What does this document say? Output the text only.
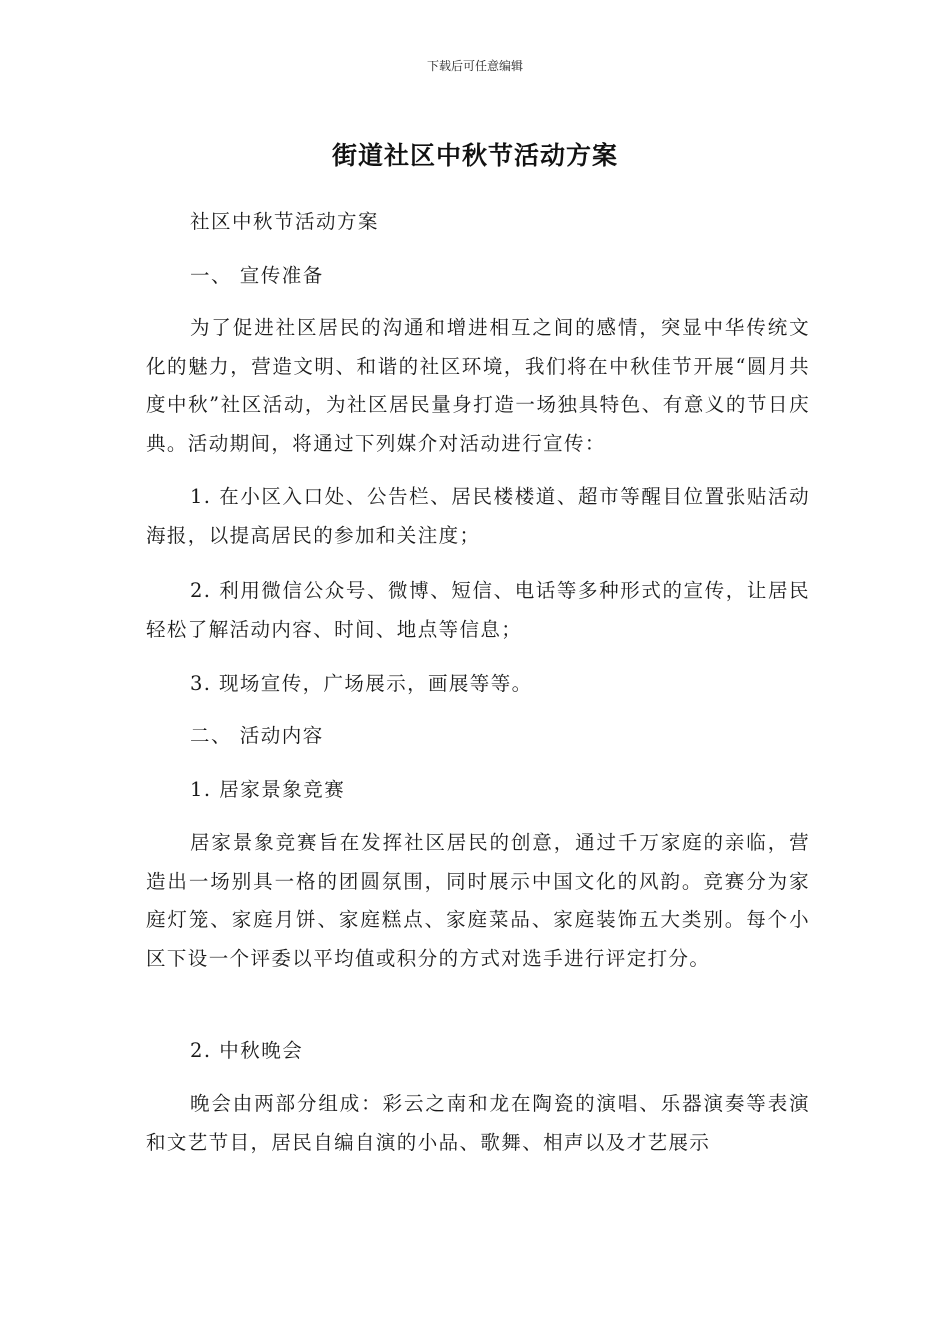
下载后可任意编辑
街道社区中秋节活动方案
社区中秋节活动方案
一、 宣传准备
为了促进社区居民的沟通和增进相互之间的感情，突显中华传统文化的魅力，营造文明、和谐的社区环境，我们将在中秋佳节开展“圆月共度中秋”社区活动，为社区居民量身打造一场独具特色、有意义的节日庆典。活动期间，将通过下列媒介对活动进行宣传：
1. 在小区入口处、公告栏、居民楼楼道、超市等醒目位置张贴活动海报，以提高居民的参加和关注度；
2. 利用微信公众号、微博、短信、电话等多种形式的宣传，让居民轻松了解活动内容、时间、地点等信息；
3. 现场宣传，广场展示，画展等等。
二、 活动内容
1. 居家景象竞赛
居家景象竞赛旨在发挥社区居民的创意，通过千万家庭的亲临，营造出一场别具一格的团圆氛围，同时展示中国文化的风韵。竞赛分为家庭灯笼、家庭月饼、家庭糕点、家庭菜品、家庭装饰五大类别。每个小区下设一个评委以平均值或积分的方式对选手进行评定打分。
2. 中秋晚会
晚会由两部分组成：彩云之南和龙在陶瓷的演唱、乐器演奏等表演和文艺节目，居民自编自演的小品、歌舞、相声以及才艺展示
